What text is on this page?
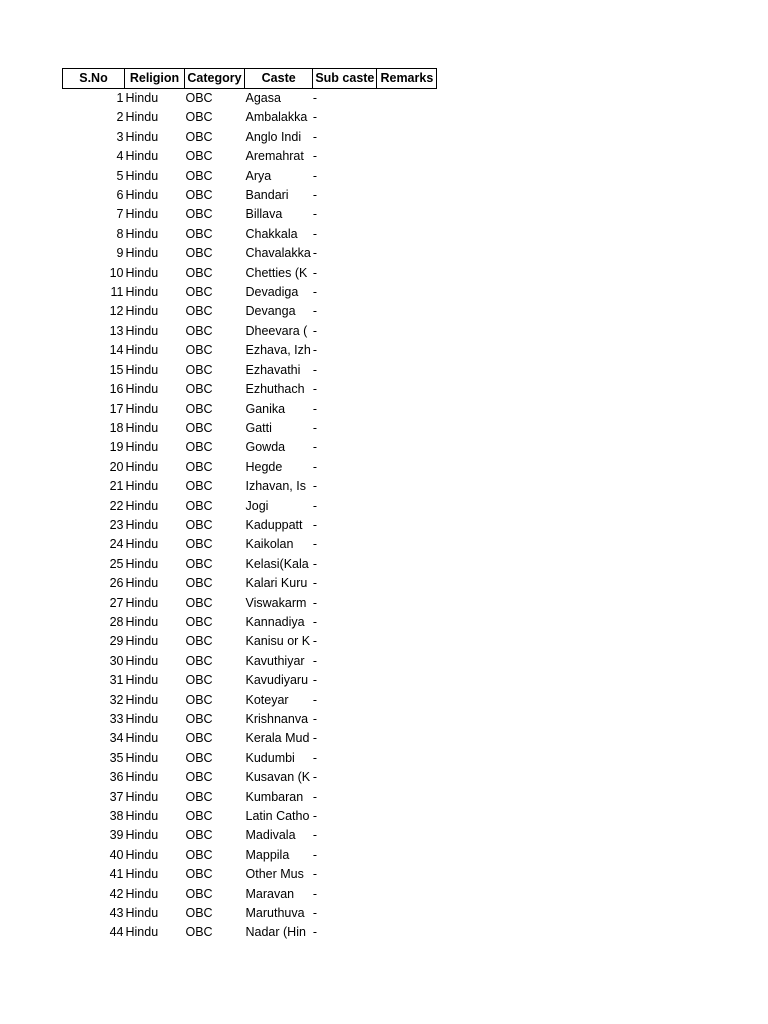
S.No	Religion	Category	Caste	Sub caste	Remarks
1	Hindu	OBC	Agasa	-	
2	Hindu	OBC	Ambalakka	-	
3	Hindu	OBC	Anglo Indi	-	
4	Hindu	OBC	Aremahrat	-	
5	Hindu	OBC	Arya	-	
6	Hindu	OBC	Bandari	-	
7	Hindu	OBC	Billava	-	
8	Hindu	OBC	Chakkala	-	
9	Hindu	OBC	Chavalakka	-	
10	Hindu	OBC	Chetties (K	-	
11	Hindu	OBC	Devadiga	-	
12	Hindu	OBC	Devanga	-	
13	Hindu	OBC	Dheevara (	-	
14	Hindu	OBC	Ezhava, Izh	-	
15	Hindu	OBC	Ezhavathi	-	
16	Hindu	OBC	Ezhuthach	-	
17	Hindu	OBC	Ganika	-	
18	Hindu	OBC	Gatti	-	
19	Hindu	OBC	Gowda	-	
20	Hindu	OBC	Hegde	-	
21	Hindu	OBC	Izhavan, Is	-	
22	Hindu	OBC	Jogi	-	
23	Hindu	OBC	Kaduppatt	-	
24	Hindu	OBC	Kaikolan	-	
25	Hindu	OBC	Kelasi(Kala	-	
26	Hindu	OBC	Kalari Kuru	-	
27	Hindu	OBC	Viswakarm	-	
28	Hindu	OBC	Kannadiya	-	
29	Hindu	OBC	Kanisu or K	-	
30	Hindu	OBC	Kavuthiyar	-	
31	Hindu	OBC	Kavudiyaru	-	
32	Hindu	OBC	Koteyar	-	
33	Hindu	OBC	Krishnanva	-	
34	Hindu	OBC	Kerala Mud	-	
35	Hindu	OBC	Kudumbi	-	
36	Hindu	OBC	Kusavan (K	-	
37	Hindu	OBC	Kumbaran	-	
38	Hindu	OBC	Latin Catho	-	
39	Hindu	OBC	Madivala	-	
40	Hindu	OBC	Mappila	-	
41	Hindu	OBC	Other Mus	-	
42	Hindu	OBC	Maravan	-	
43	Hindu	OBC	Maruthuva	-	
44	Hindu	OBC	Nadar (Hin	-	
